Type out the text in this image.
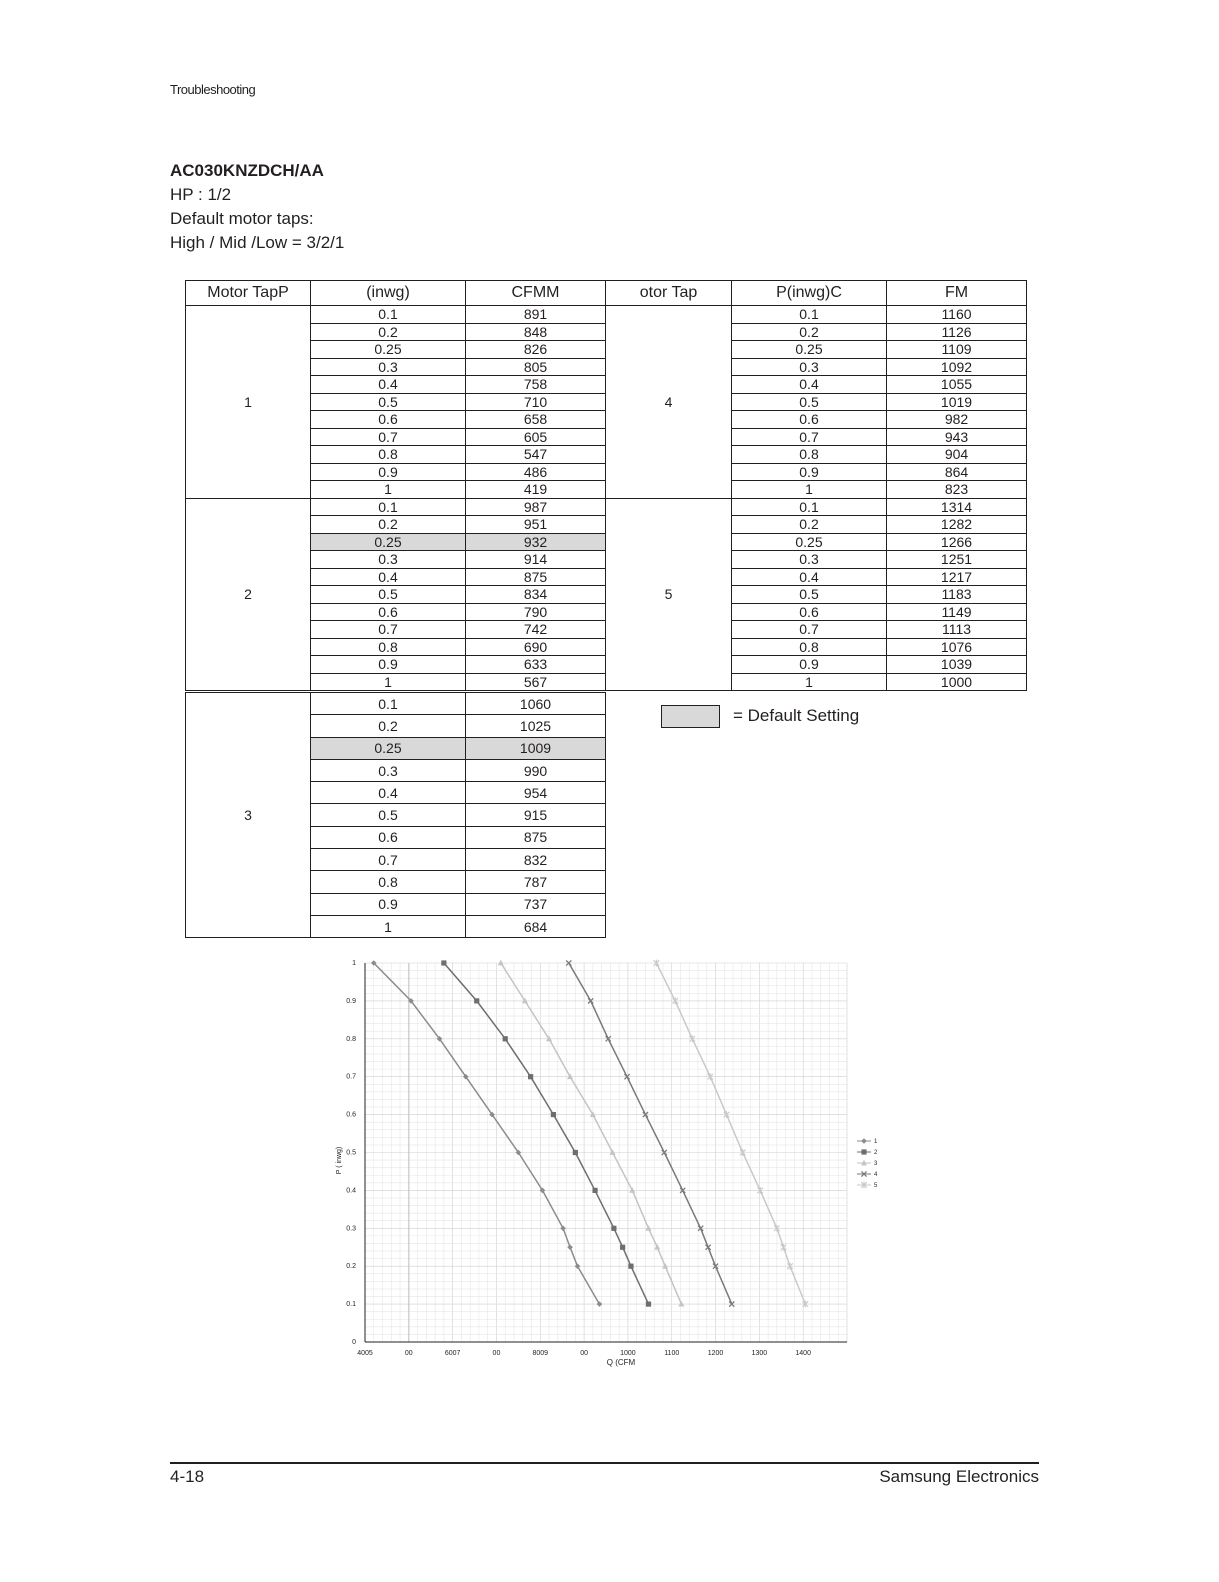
Troubleshooting
AC030KNZDCH/AA
HP : 1/2
Default motor taps:
High / Mid /Low = 3/2/1
Motor TapP	(inwg)	CFMM	otor Tap	P(inwg)C	FM
1	0.1	891	4	0.1	1160
	0.2	848		0.2	1126
	0.25	826		0.25	1109
	0.3	805		0.3	1092
	0.4	758		0.4	1055
	0.5	710		0.5	1019
	0.6	658		0.6	982
	0.7	605		0.7	943
	0.8	547		0.8	904
	0.9	486		0.9	864
	1	419		1	823
2	0.1	987	5	0.1	1314
	0.2	951		0.2	1282
	0.25	932		0.25	1266
	0.3	914		0.3	1251
	0.4	875		0.4	1217
	0.5	834		0.5	1183
	0.6	790		0.6	1149
	0.7	742		0.7	1113
	0.8	690		0.8	1076
	0.9	633		0.9	1039
	1	567		1	1000
3	0.1	1060
	0.2	1025
	0.25	1009
	0.3	990
	0.4	954
	0.5	915
	0.6	875
	0.7	832
	0.8	787
	0.9	737
	1	684
= Default Setting
0
0.1
0.2
0.3
0.4
0.5
0.6
0.7
0.8
0.9
1
4005	00	6007	00	8009	00	1000	1100	1200	1300	1400
Q (CFM
P ( inwg)
1
2
3
4
5
4-18	Samsung Electronics
